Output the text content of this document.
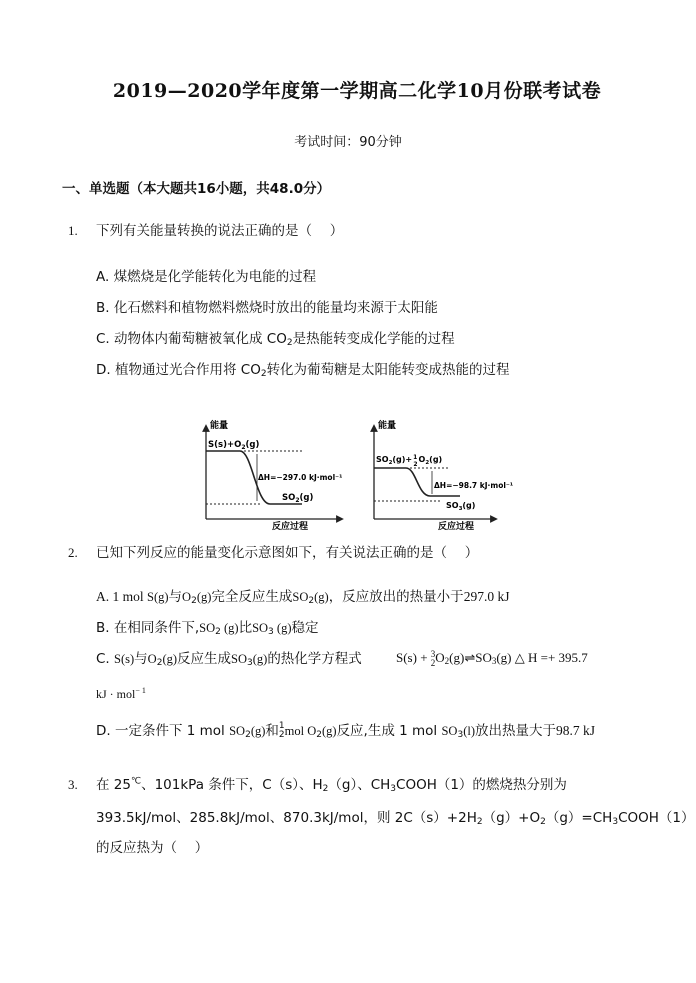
2019—2020学年度第一学期高二化学10月份联考试卷
考试时间：90分钟
一、单选题（本大题共16小题，共48.0分）
1. 下列有关能量转换的说法正确的是（　 ）
A. 煤燃烧是化学能转化为电能的过程
B. 化石燃料和植物燃料燃烧时放出的能量均来源于太阳能
C. 动物体内葡萄糖被氧化成 $CO_2$是热能转变成化学能的过程
D. 植物通过光合作用将 $CO_2$转化为葡萄糖是太阳能转变成热能的过程
能量
反应过程
$S(s)+O_2(g)$
ΔH=−297.0 kJ·mol⁻¹
$SO_2(g)$
能量
反应过程
$SO_2(g)+^1$ $2O_2(g)$
ΔH=−98.7 kJ·mol⁻¹
$SO_3(g)$
2. 已知下列反应的能量变化示意图如下，有关说法正确的是（　 ）
A. 1 mol S(g)与$O_2(g)$完全反应生成$SO_2(g)$，反应放出的热量小于297.0 kJ
B. 在相同条件下$,SO_2$ (g)比$SO_3$ (g)稳定
C. S(s)与$O_2(g)$反应生成$SO_3(g)$的热化学方程式	S(s) + 3
2 $O_2(g)\rightleftharpoons SO_3(g)$ △ H =+ 395.7
kJ · mol$^{- 1}$
D. 一定条件下 1 mol $SO_2(g)$和 1
2 mol $O_2(g)$反应,生成 1 mol $SO_3(l)$放出热量大于98.7 kJ
3. 在 25℃、101kPa 条件下，C（s）、$H_2(g)$、$CH_3COOH(1)$的燃烧热分别为
393.5kJ/mol、285.8kJ/mol、870.3kJ/mol，则 $2C(s)+2H_2(g)+O_2(g)=CH_3COOH(1)$
的反应热为（　 ）
